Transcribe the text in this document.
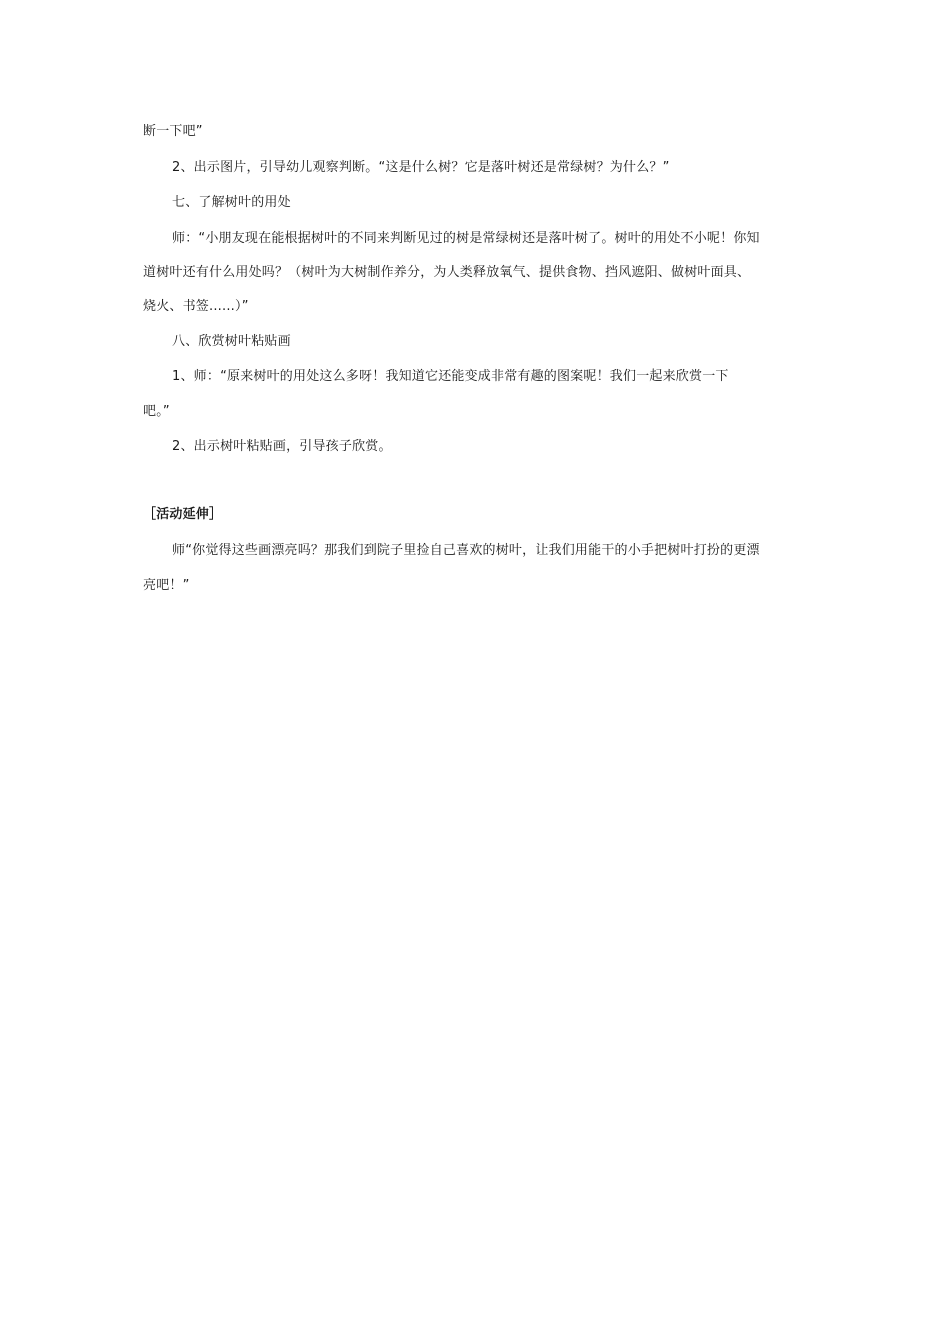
断一下吧”
2、出示图片，引导幼儿观察判断。“这是什么树？它是落叶树还是常绿树？为什么？”
七、了解树叶的用处
师：“小朋友现在能根据树叶的不同来判断见过的树是常绿树还是落叶树了。树叶的用处不小呢！你知
道树叶还有什么用处吗？（树叶为大树制作养分，为人类释放氧气、提供食物、挡风遮阳、做树叶面具、
烧火、书签......）”
八、欣赏树叶粘贴画
1、师：“原来树叶的用处这么多呀！我知道它还能变成非常有趣的图案呢！我们一起来欣赏一下
吧。”
2、出示树叶粘贴画，引导孩子欣赏。
［活动延伸］
师“你觉得这些画漂亮吗？那我们到院子里捡自己喜欢的树叶，让我们用能干的小手把树叶打扮的更漂
亮吧！”
